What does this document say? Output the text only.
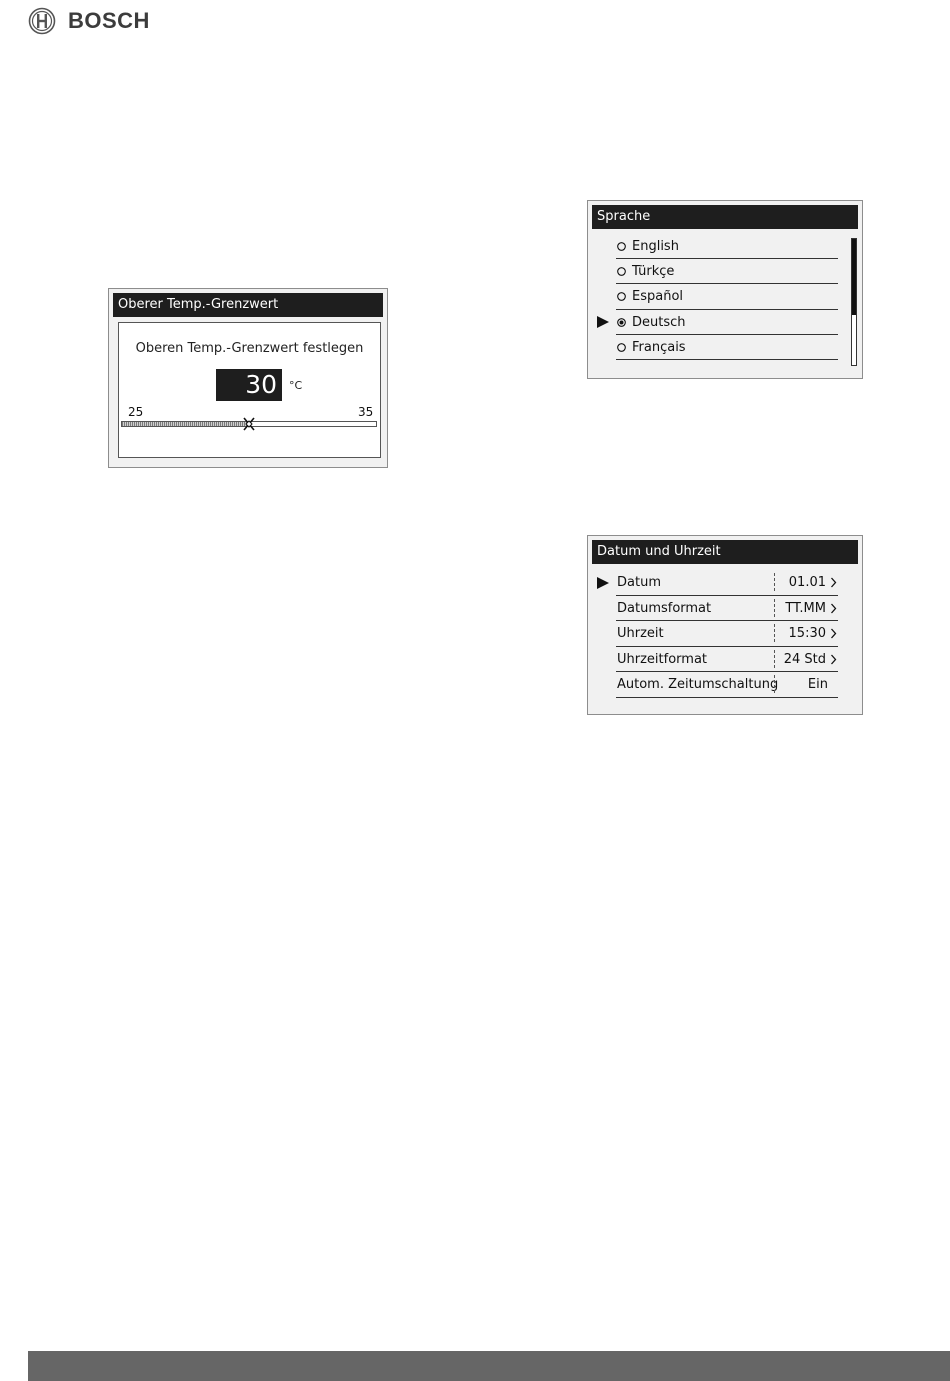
BOSCH
Oberer Temp.-Grenzwert
Oberen Temp.-Grenzwert festlegen
30	°C
25	35
Sprache
English
Türkçe
Español
Deutsch
Français
Datum und Uhrzeit
Datum	01.01
Datumsformat	TT.MM
Uhrzeit	15:30
Uhrzeitformat	24 Std
Autom. Zeitumschaltung Ein
